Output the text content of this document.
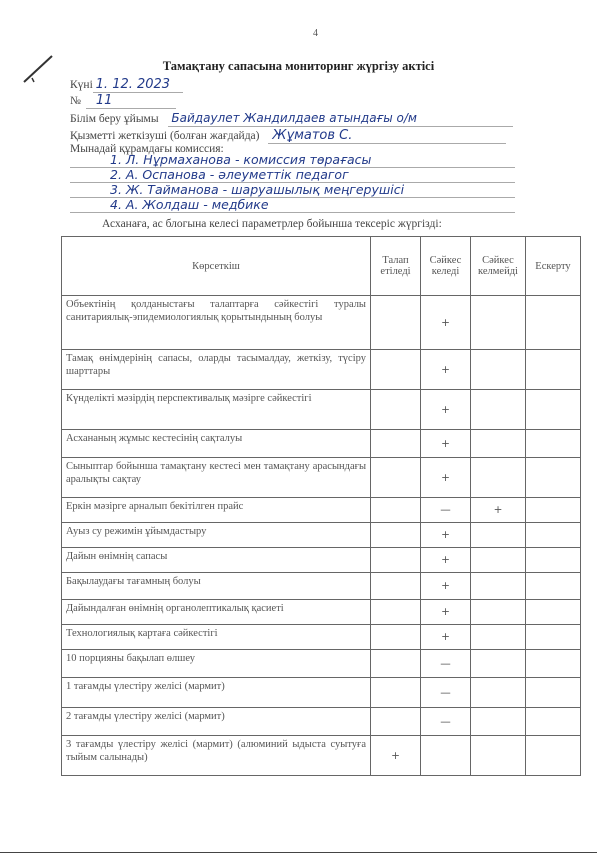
4
Тамақтану сапасына мониторинг жүргізу актісі
Күні 1. 12. 2023
№ 11
Білім беру ұйымы Байдаулет Жандилдаев атындағы о/м
Қызметті жеткізуші (болған жағдайда) Жұматов С.
Мынадай құрамдағы комиссия:
1. Л. Нұрмаханова - комиссия төрағасы
2. А. Оспанова - әлеуметтік педагог
3. Ж. Тайманова - шаруашылық меңгерушісі
4. А. Жолдаш - медбике
Асханаға, ас блогына келесі параметрлер бойынша тексеріс жүргізді:
Көрсеткіш	Талап етіледі	Сәйкес келеді	Сәйкес келмейді	Ескерту
Объектінің қолданыстағы талаптарға сәйкестігі туралы санитариялық-эпидемиологиялық қорытындының болуы		+		
Тамақ өнімдерінің сапасы, оларды тасымалдау, жеткізу, түсіру шарттары		+		
Күнделікті мәзірдің перспективалық мәзірге сәйкестігі		+		
Асхананың жұмыс кестесінің сақталуы		+		
Сыныптар бойынша тамақтану кестесі мен тамақтану арасындағы аралықты сақтау		+		
Еркін мәзірге арналып бекітілген прайс		—	+	
Ауыз су режимін ұйымдастыру		+		
Дайын өнімнің сапасы		+		
Бақылаудағы тағамның болуы		+		
Дайындалған өнімнің органолептикалық қасиеті		+		
Технологиялық картаға сәйкестігі		+		
10 порцияны бақылап өлшеу		—		
1 тағамды үлестіру желісі (мармит)		—		
2 тағамды үлестіру желісі (мармит)		—		
3 тағамды үлестіру желісі (мармит) (алюминий ыдыста суытуға тыйым салынады)	+			
